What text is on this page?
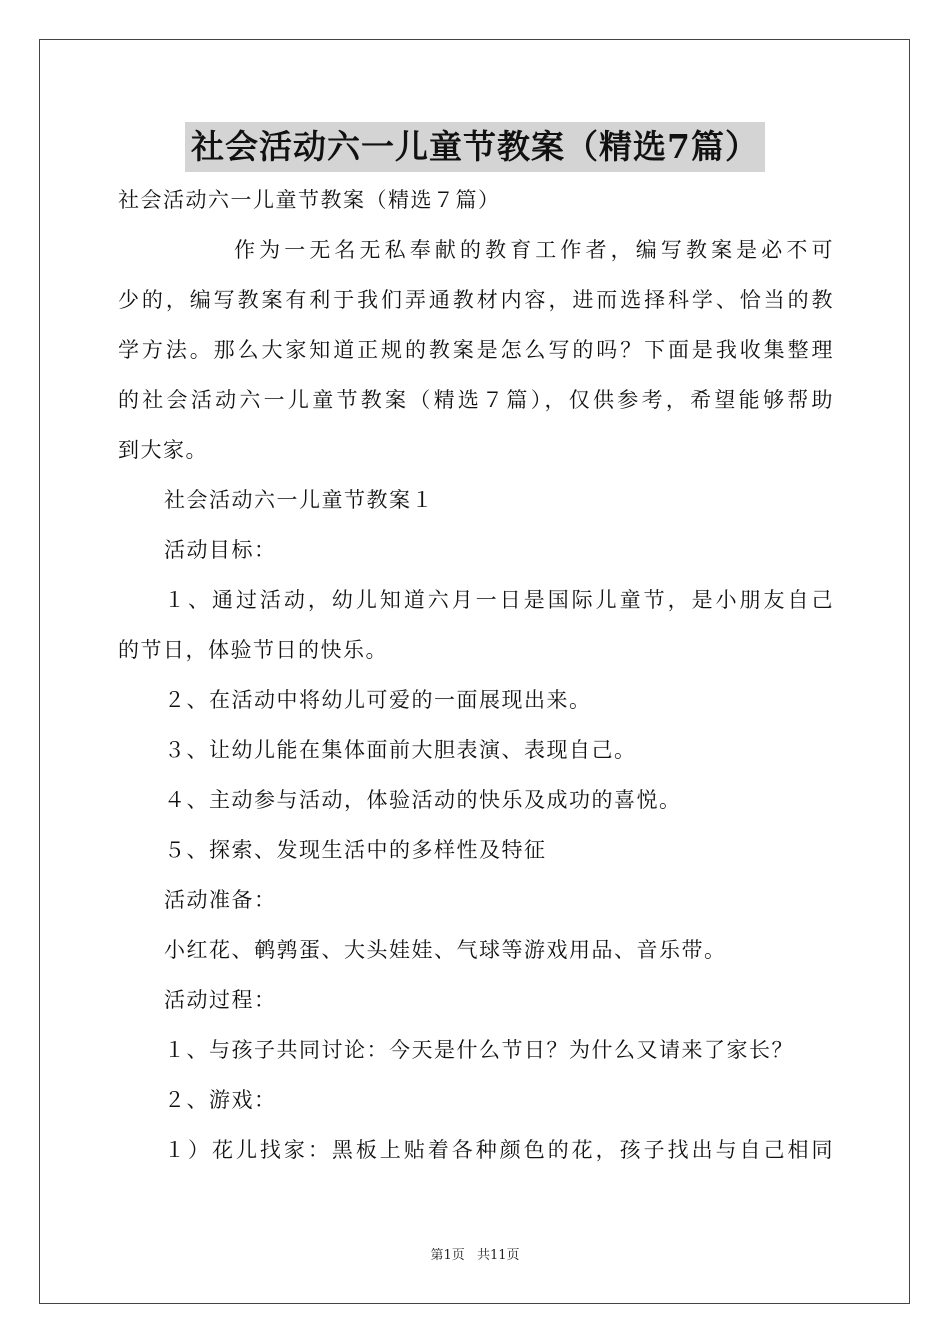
社会活动六一儿童节教案（精选7篇）
社会活动六一儿童节教案（精选７篇）
作为一无名无私奉献的教育工作者，编写教案是必不可
少的，编写教案有利于我们弄通教材内容，进而选择科学、恰当的教
学方法。那么大家知道正规的教案是怎么写的吗？下面是我收集整理
的社会活动六一儿童节教案（精选７篇），仅供参考，希望能够帮助
到大家。
社会活动六一儿童节教案１
活动目标：
１、通过活动，幼儿知道六月一日是国际儿童节，是小朋友自己
的节日，体验节日的快乐。
２、在活动中将幼儿可爱的一面展现出来。
３、让幼儿能在集体面前大胆表演、表现自己。
４、主动参与活动，体验活动的快乐及成功的喜悦。
５、探索、发现生活中的多样性及特征
活动准备：
小红花、鹌鹑蛋、大头娃娃、气球等游戏用品、音乐带。
活动过程：
１、与孩子共同讨论：今天是什么节日？为什么又请来了家长？
２、游戏：
１）花儿找家：黑板上贴着各种颜色的花，孩子找出与自己相同
第1页 共11页
